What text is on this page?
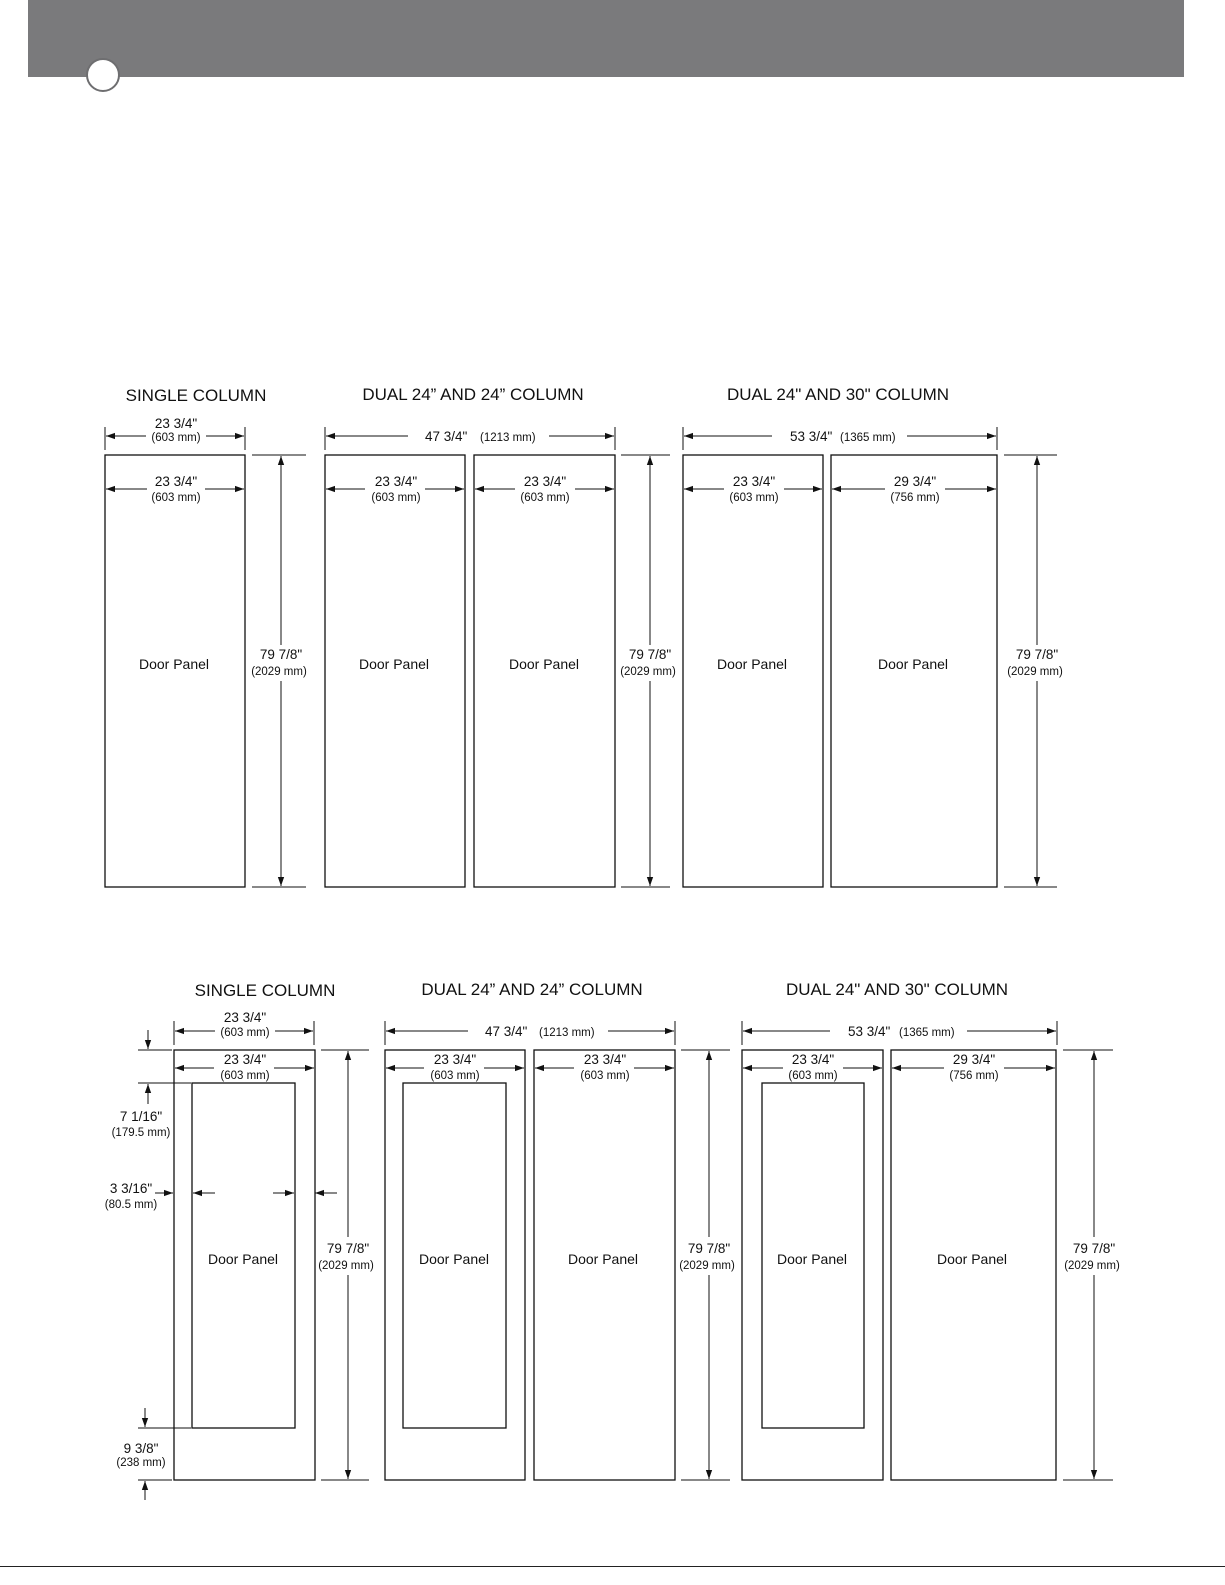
SINGLE COLUMN	DUAL 24” AND 24” COLUMN	DUAL 24" AND 30" COLUMN
23 3/4"
(603 mm)	47 3/4" (1213 mm)	53 3/4" (1365 mm)
23 3/4"
(603 mm)
Door Panel
23 3/4"
(603 mm)
Door Panel
23 3/4"
(603 mm)
Door Panel
23 3/4"
(603 mm)
Door Panel
29 3/4"
(756 mm)
Door Panel
79 7/8"
(2029 mm)
79 7/8"
(2029 mm)
79 7/8"
(2029 mm)
SINGLE COLUMN	DUAL 24” AND 24” COLUMN	DUAL 24" AND 30" COLUMN
23 3/4"
(603 mm)	47 3/4" (1213 mm)	53 3/4" (1365 mm)
23 3/4"
(603 mm)
Door Panel
23 3/4"
(603 mm)
Door Panel
23 3/4"
(603 mm)
Door Panel
23 3/4"
(603 mm)
Door Panel
29 3/4"
(756 mm)
Door Panel
7 1/16"
(179.5 mm)
3 3/16"
(80.5 mm)
9 3/8"
(238 mm)
79 7/8"
(2029 mm)
79 7/8"
(2029 mm)
79 7/8"
(2029 mm)
